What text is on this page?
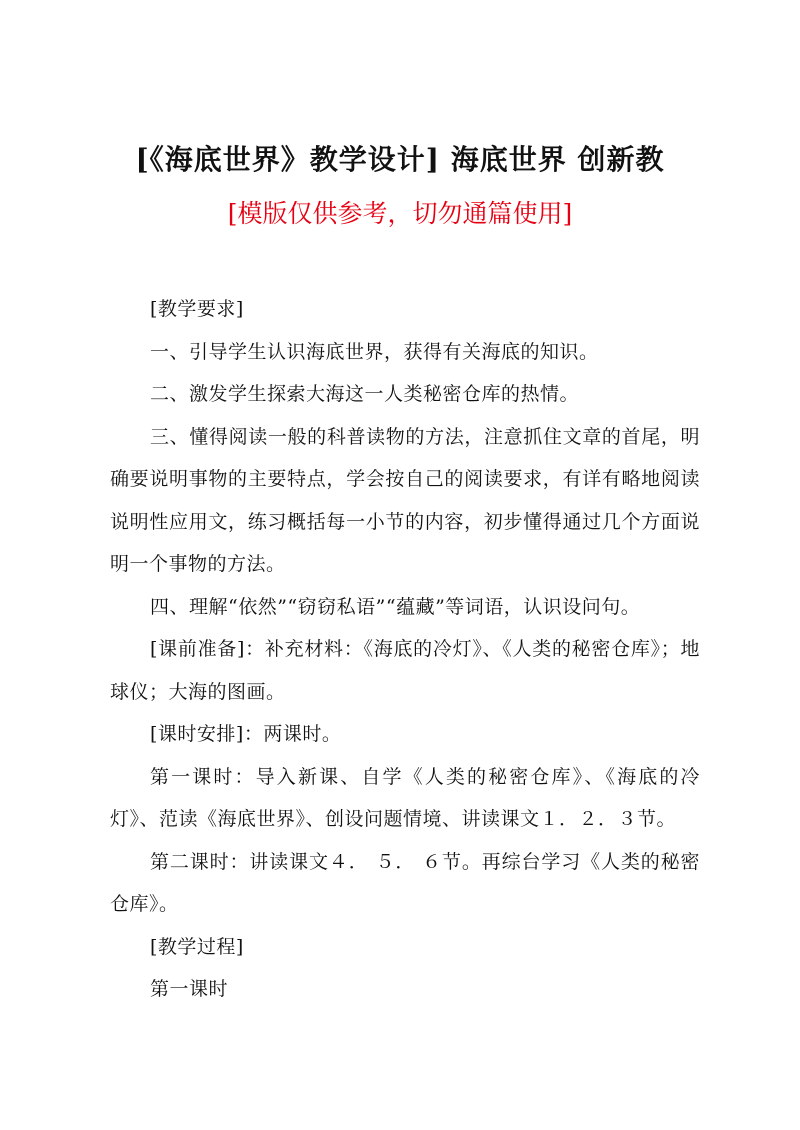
[《海底世界》教学设计] 海底世界 创新教
[模版仅供参考，切勿通篇使用]

[教学要求]

一、引导学生认识海底世界，获得有关海底的知识。

二、激发学生探索大海这一人类秘密仓库的热情。

三、懂得阅读一般的科普读物的方法，注意抓住文章的首尾，明确要说明事物的主要特点，学会按自己的阅读要求，有详有略地阅读说明性应用文，练习概括每一小节的内容，初步懂得通过几个方面说明一个事物的方法。

四、理解“依然”“窃窃私语”“蕴藏”等词语，认识设问句。

[课前准备]：补充材料：《海底的冷灯》、《人类的秘密仓库》；地球仪；大海的图画。

[课时安排]：两课时。

第一课时：导入新课、自学《人类的秘密仓库》、《海底的冷灯》、范读《海底世界》、创设问题情境、讲读课文１．２．３节。

第二课时：讲读课文４． ５． ６节。再综台学习《人类的秘密仓库》。

[教学过程]

第一课时
